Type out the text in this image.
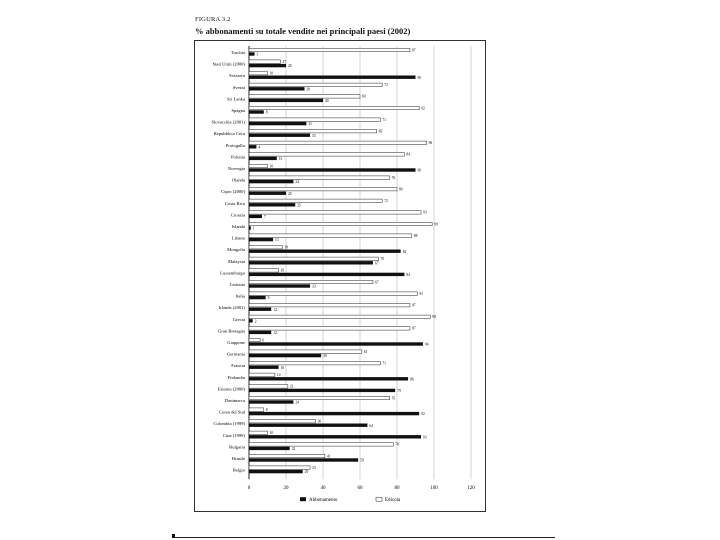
FIGURA 3.2
% abbonamenti su totale vendite nei principali paesi (2002)
0	20	40	60	80	100	120
Turchia	87
3
Stati Uniti (2000)	17
20
Svizzera	10
90
Svezia	72
30
Sri Lanka	60
40
Spagna	92
8
Slovacchia (2001)	71
31
Repubblica Ceca	69
33
Portogallo	96
4
Polonia	84
15
Norvegia	10
90
Olanda	76
24
Cipro (2000)	80
20
Costa Rica	72
25
Croazia	93
7
Islanda	99
1
Libano	88
13
Mongolia	18
82
Malaysia	70
67
Lussemburgo	16
84
Lettonia	67
33
Italia	91
9
Irlanda (2001)	87
12
Grecia	98
2
Gran Bretagna	87
12
Giappone	6
94
Germania	61
39
Francia	71
16
Finlandia	14
86
Estonia (2000)	21
79
Danimarca	76
24
Corea del Sud	8
92
Colombia (1999)	36
64
Cina (1999)	10
93
Bulgaria	78
22
Brasile	41
59
Belgio	33
29
Abbonamento	Edicola
